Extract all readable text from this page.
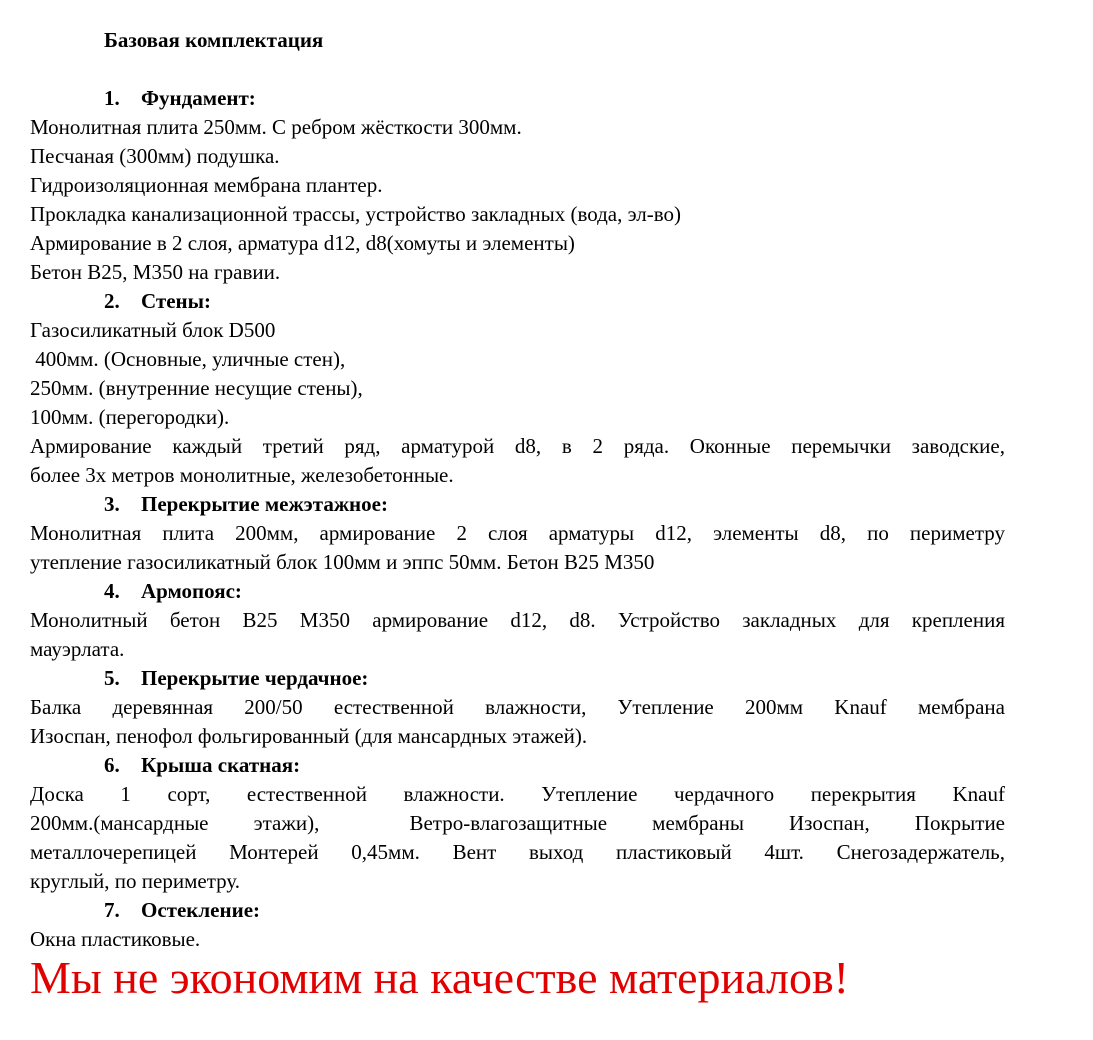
Базовая комплектация
1. Фундамент:
Монолитная плита 250мм. С ребром жёсткости 300мм.
Песчаная (300мм) подушка.
Гидроизоляционная мембрана плантер.
Прокладка канализационной трассы, устройство закладных (вода, эл-во)
Армирование в 2 слоя, арматура d12, d8(хомуты и элементы)
Бетон В25, М350 на гравии.
2. Стены:
Газосиликатный блок D500
400мм. (Основные, уличные стен),
250мм. (внутренние несущие стены),
100мм. (перегородки).
Армирование каждый третий ряд, арматурой d8, в 2 ряда. Оконные перемычки заводские,
более 3х метров монолитные, железобетонные.
3. Перекрытие межэтажное:
Монолитная плита 200мм, армирование 2 слоя арматуры d12, элементы d8, по периметру
утепление газосиликатный блок 100мм и эппс 50мм. Бетон В25 М350
4. Армопояс:
Монолитный бетон В25 М350 армирование d12, d8. Устройство закладных для крепления
мауэрлата.
5. Перекрытие чердачное:
Балка деревянная 200/50 естественной влажности, Утепление 200мм Knauf мембрана
Изоспан, пенофол фольгированный (для мансардных этажей).
6. Крыша скатная:
Доска 1 сорт, естественной влажности. Утепление чердачного перекрытия Knauf
200мм.(мансардные этажи),  Ветро-влагозащитные мембраны Изоспан, Покрытие
металлочерепицей Монтерей 0,45мм. Вент выход пластиковый 4шт. Снегозадержатель,
круглый, по периметру.
7. Остекление:
Окна пластиковые.
Мы не экономим на качестве материалов!
